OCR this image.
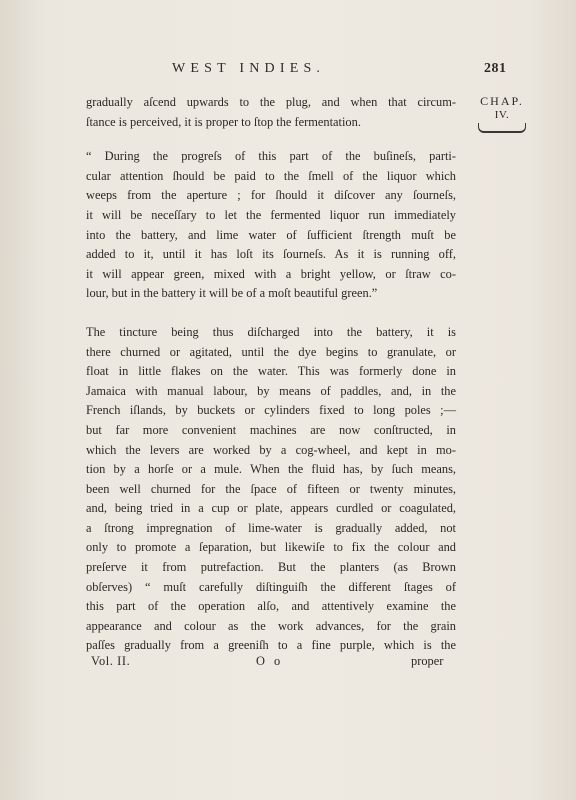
WEST INDIES.	281
CHAP.
IV.
gradually aſcend upwards to the plug, and when that circum-
ſtance is perceived, it is proper to ſtop the fermentation.
“ During the progreſs of this part of the buſineſs, parti-
cular attention ſhould be paid to the ſmell of the liquor which
weeps from the aperture ; for ſhould it diſcover any ſourneſs,
it will be neceſſary to let the fermented liquor run immediately
into the battery, and lime water of ſufficient ſtrength muſt be
added to it, until it has loſt its ſourneſs. As it is running off,
it will appear green, mixed with a bright yellow, or ſtraw co-
lour, but in the battery it will be of a moſt beautiful green.”
The tincture being thus diſcharged into the battery, it is
there churned or agitated, until the dye begins to granulate, or
float in little flakes on the water. This was formerly done in
Jamaica with manual labour, by means of paddles, and, in the
French iſlands, by buckets or cylinders fixed to long poles ;—
but far more convenient machines are now conſtructed, in
which the levers are worked by a cog-wheel, and kept in mo-
tion by a horſe or a mule. When the fluid has, by ſuch means,
been well churned for the ſpace of fifteen or twenty minutes,
and, being tried in a cup or plate, appears curdled or coagulated,
a ſtrong impregnation of lime-water is gradually added, not
only to promote a ſeparation, but likewiſe to fix the colour and
preſerve it from putrefaction. But the planters (as Brown
obſerves) “ muſt carefully diſtinguiſh the different ſtages of
this part of the operation alſo, and attentively examine the
appearance and colour as the work advances, for the grain
paſſes gradually from a greeniſh to a fine purple, which is the
Vol. II.	O o	proper
